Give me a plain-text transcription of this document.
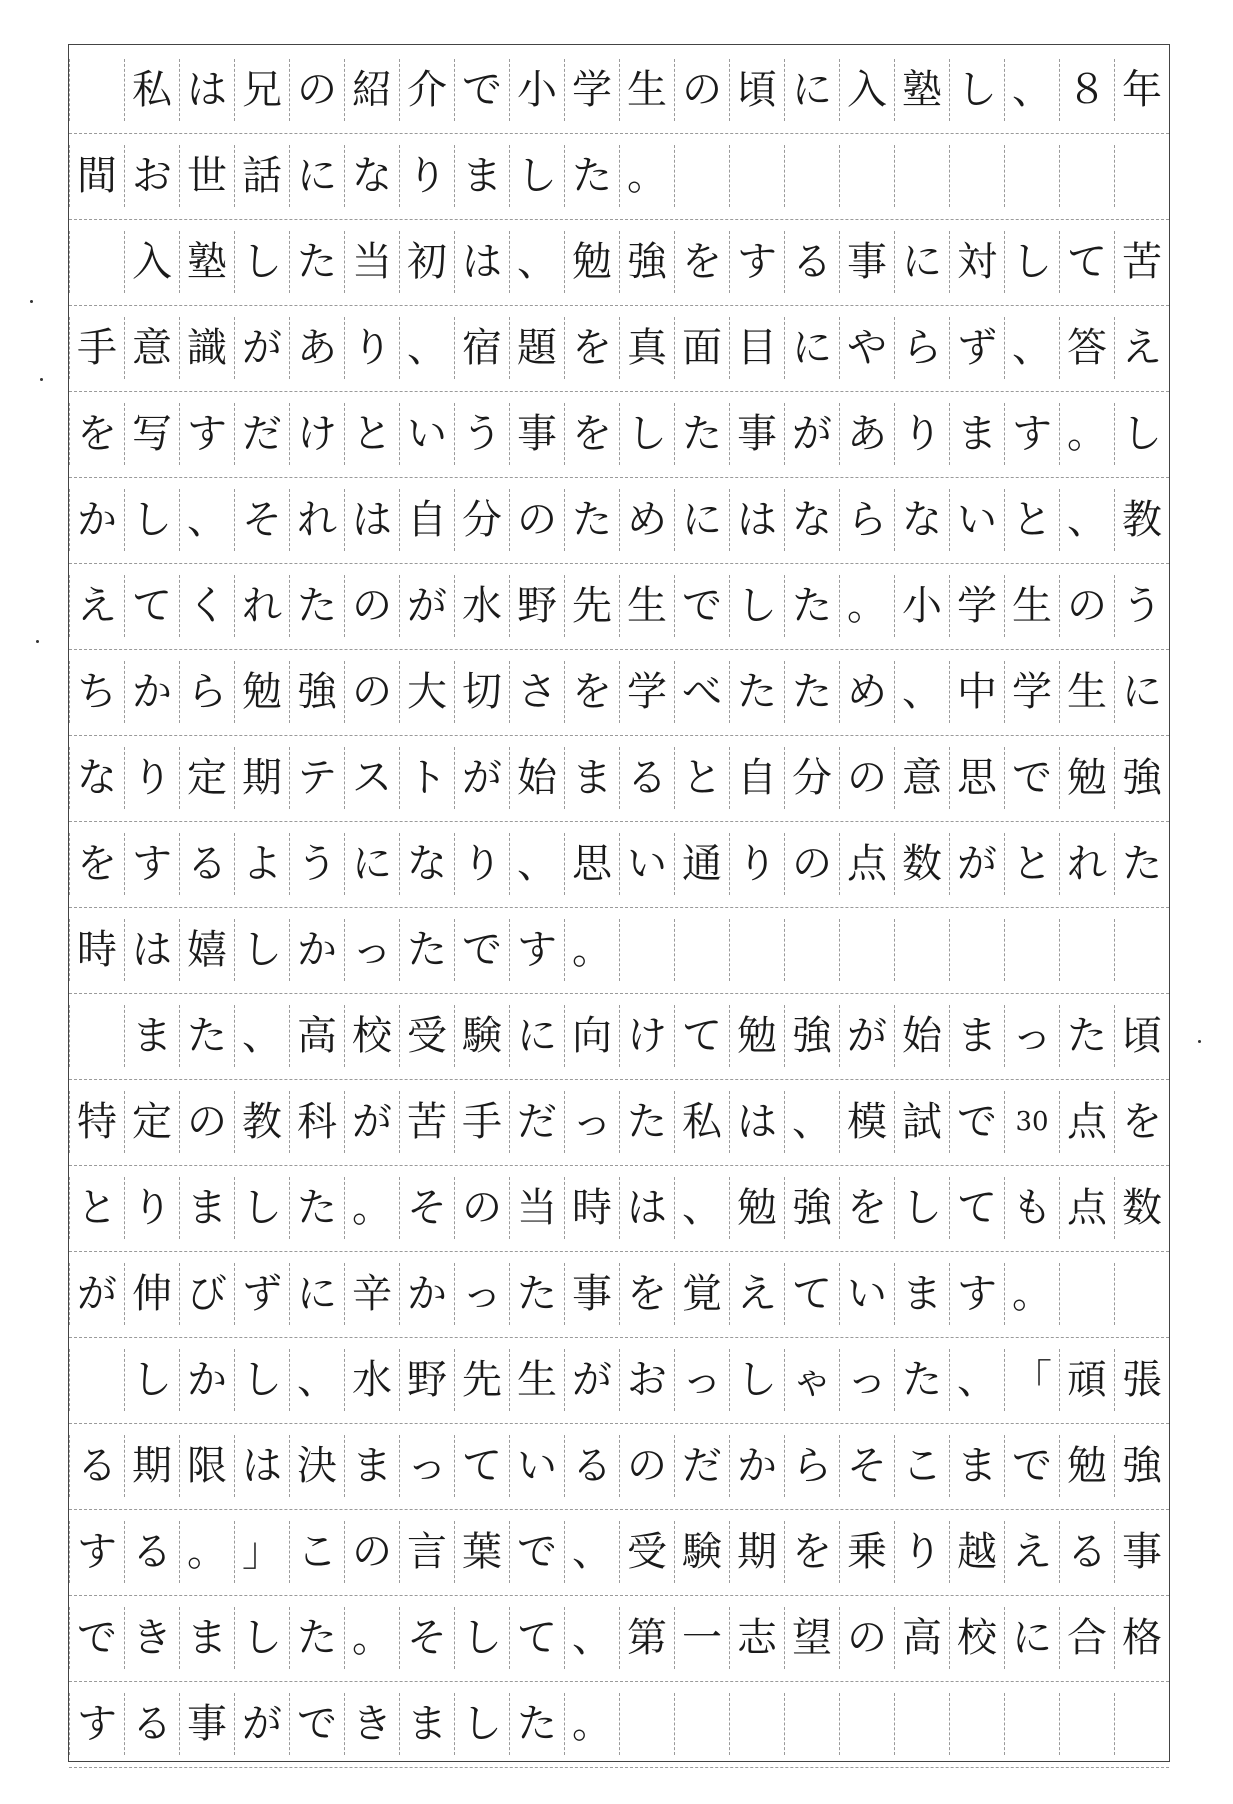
私 は 兄 の 紹 介 で 小 学 生 の 頃 に 入 塾 し 、 ８ 年
間 お 世 話 に な り ま し た 。
入 塾 し た 当 初 は 、 勉 強 を す る 事 に 対 し て 苦
手 意 識 が あ り 、 宿 題 を 真 面 目 に や ら ず 、 答 え
を 写 す だ け と い う 事 を し た 事 が あ り ま す 。 し
か し 、 そ れ は 自 分 の た め に は な ら な い と 、 教
え て く れ た の が 水 野 先 生 で し た 。 小 学 生 の う
ち か ら 勉 強 の 大 切 さ を 学 べ た た め 、 中 学 生 に
な り 定 期 テ ス ト が 始 ま る と 自 分 の 意 思 で 勉 強
を す る よ う に な り 、 思 い 通 り の 点 数 が と れ た
時 は 嬉 し か っ た で す 。
ま た 、 高 校 受 験 に 向 け て 勉 強 が 始 ま っ た 頃
特 定 の 教 科 が 苦 手 だ っ た 私 は 、 模 試 で 30 点 を
と り ま し た 。 そ の 当 時 は 、 勉 強 を し て も 点 数
が 伸 び ず に 辛 か っ た 事 を 覚 え て い ま す 。
し か し 、 水 野 先 生 が お っ し ゃ っ た 、 「 頑 張
る 期 限 は 決 ま っ て い る の だ か ら そ こ ま で 勉 強
す る 。 」 こ の 言 葉 で 、 受 験 期 を 乗 り 越 え る 事
で き ま し た 。 そ し て 、 第 一 志 望 の 高 校 に 合 格
す る 事 が で き ま し た 。
